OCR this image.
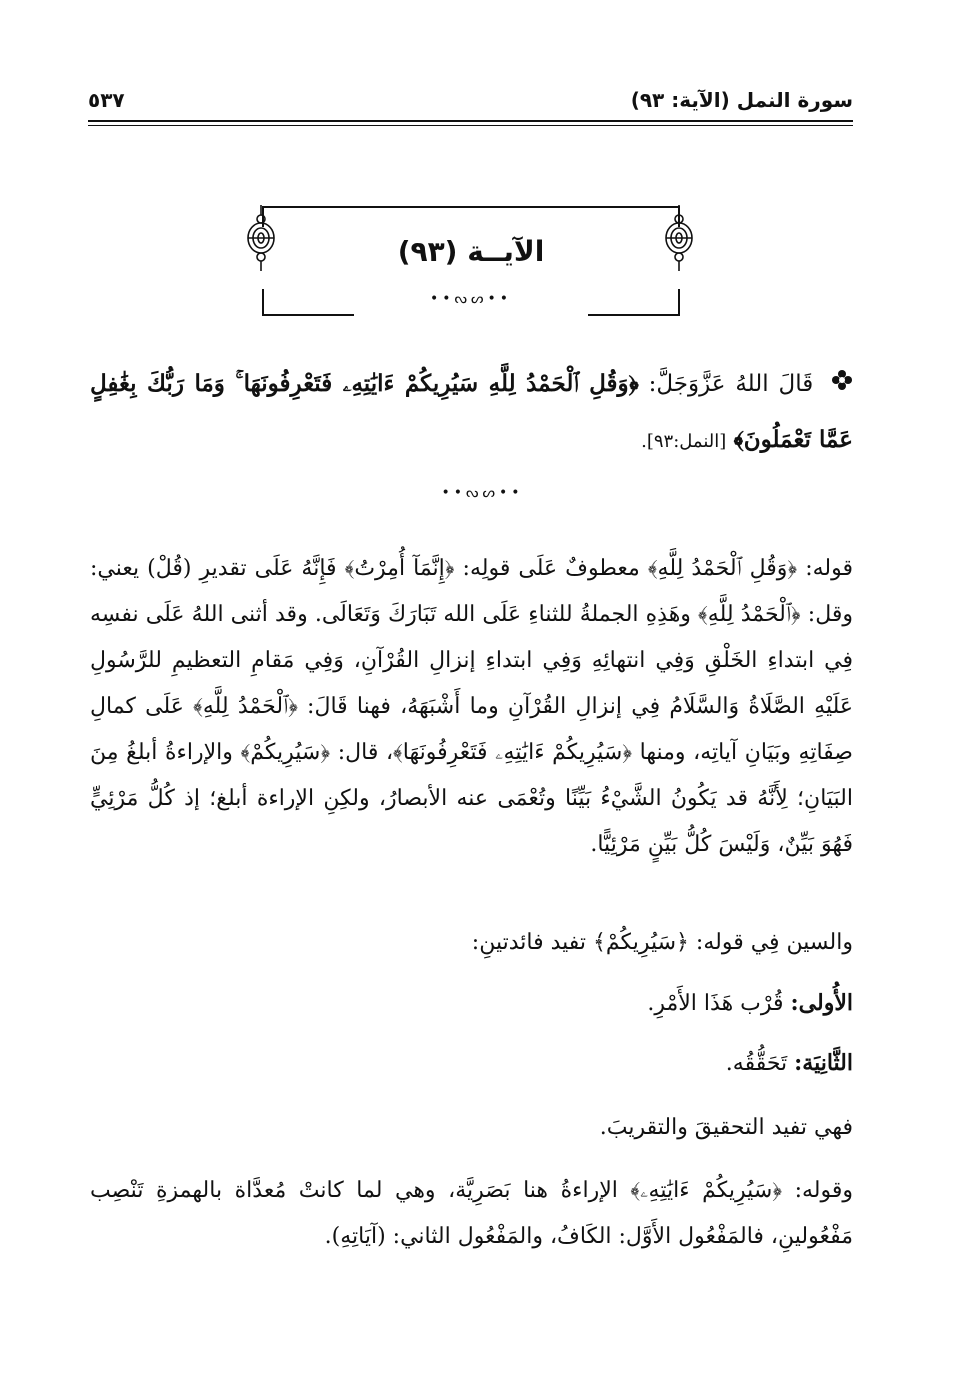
سورة النمل (الآية: ٩٣)
٥٣٧
الآيــة (٩٣)
••ᔓᔕ••
قَالَ اللهُ عَزَّوَجَلَّ: ﴿وَقُلِ ٱلْحَمْدُ لِلَّهِ سَيُرِيكُمْ ءَايَٰتِهِۦ فَتَعْرِفُونَهَا ۚ وَمَا رَبُّكَ بِغَٰفِلٍ عَمَّا تَعْمَلُونَ﴾ [النمل:٩٣].
••ᔓᔕ••
قوله: ﴿وَقُلِ ٱلْحَمْدُ لِلَّهِ﴾ معطوفٌ عَلَى قولِه: ﴿إِنَّمَآ أُمِرْتُ﴾ فَإِنَّهُ عَلَى تقديرِ (قُلْ) يعني: وقل: ﴿ٱلْحَمْدُ لِلَّهِ﴾ وهَذِهِ الجملةُ للثناءِ عَلَى الله تَبَارَكَ وَتَعَالَى. وقد أثنى اللهُ عَلَى نفسِه فِي ابتداءِ الخَلْقِ وَفِي انتهائِهِ وَفِي ابتداءِ إنزالِ القُرْآنِ، وَفِي مَقامِ التعظيمِ للرَّسُولِ عَلَيْهِ الصَّلَاةُ وَالسَّلَامُ فِي إنزالِ القُرْآنِ وما أَشْبَهَهُ، فهنا قَالَ: ﴿ٱلْحَمْدُ لِلَّهِ﴾ عَلَى كمالِ صِفَاتِهِ وبَيَانِ آياتِه، ومنها ﴿سَيُرِيكُمْ ءَايَٰتِهِۦ فَتَعْرِفُونَهَا﴾، قال: ﴿سَيُرِيكُمْ﴾ والإراءةُ أبلغُ مِنَ البَيَانِ؛ لِأَنَّهُ قد يَكُونُ الشَّيْءُ بَيِّنًا وتُعْمَى عنه الأبصارُ، ولكِنِ الإراءة أبلغ؛ إذ كُلُّ مَرْئِيٍّ فَهُوَ بَيِّنٌ، وَلَيْسَ كُلُّ بَيِّنٍ مَرْئِيًّا.
والسين فِي قوله: ﴿سَيُرِيكُمْ﴾ تفيد فائدتينِ:
الأُولى: قُرْب هَذَا الأَمْرِ.
الثَّانِيَة: تَحَقُّقُه.
فهي تفيد التحقيقَ والتقريبَ.
وقوله: ﴿سَيُرِيكُمْ ءَايَٰتِهِۦ﴾ الإراءةُ هنا بَصَرِيَّة، وهي لما كانتْ مُعدَّاة بالهمزةِ تَنْصِب مَفْعُولينِ، فالمَفْعُول الأَوَّل: الكَافُ، والمَفْعُول الثاني: (آيَاتِهِ).
